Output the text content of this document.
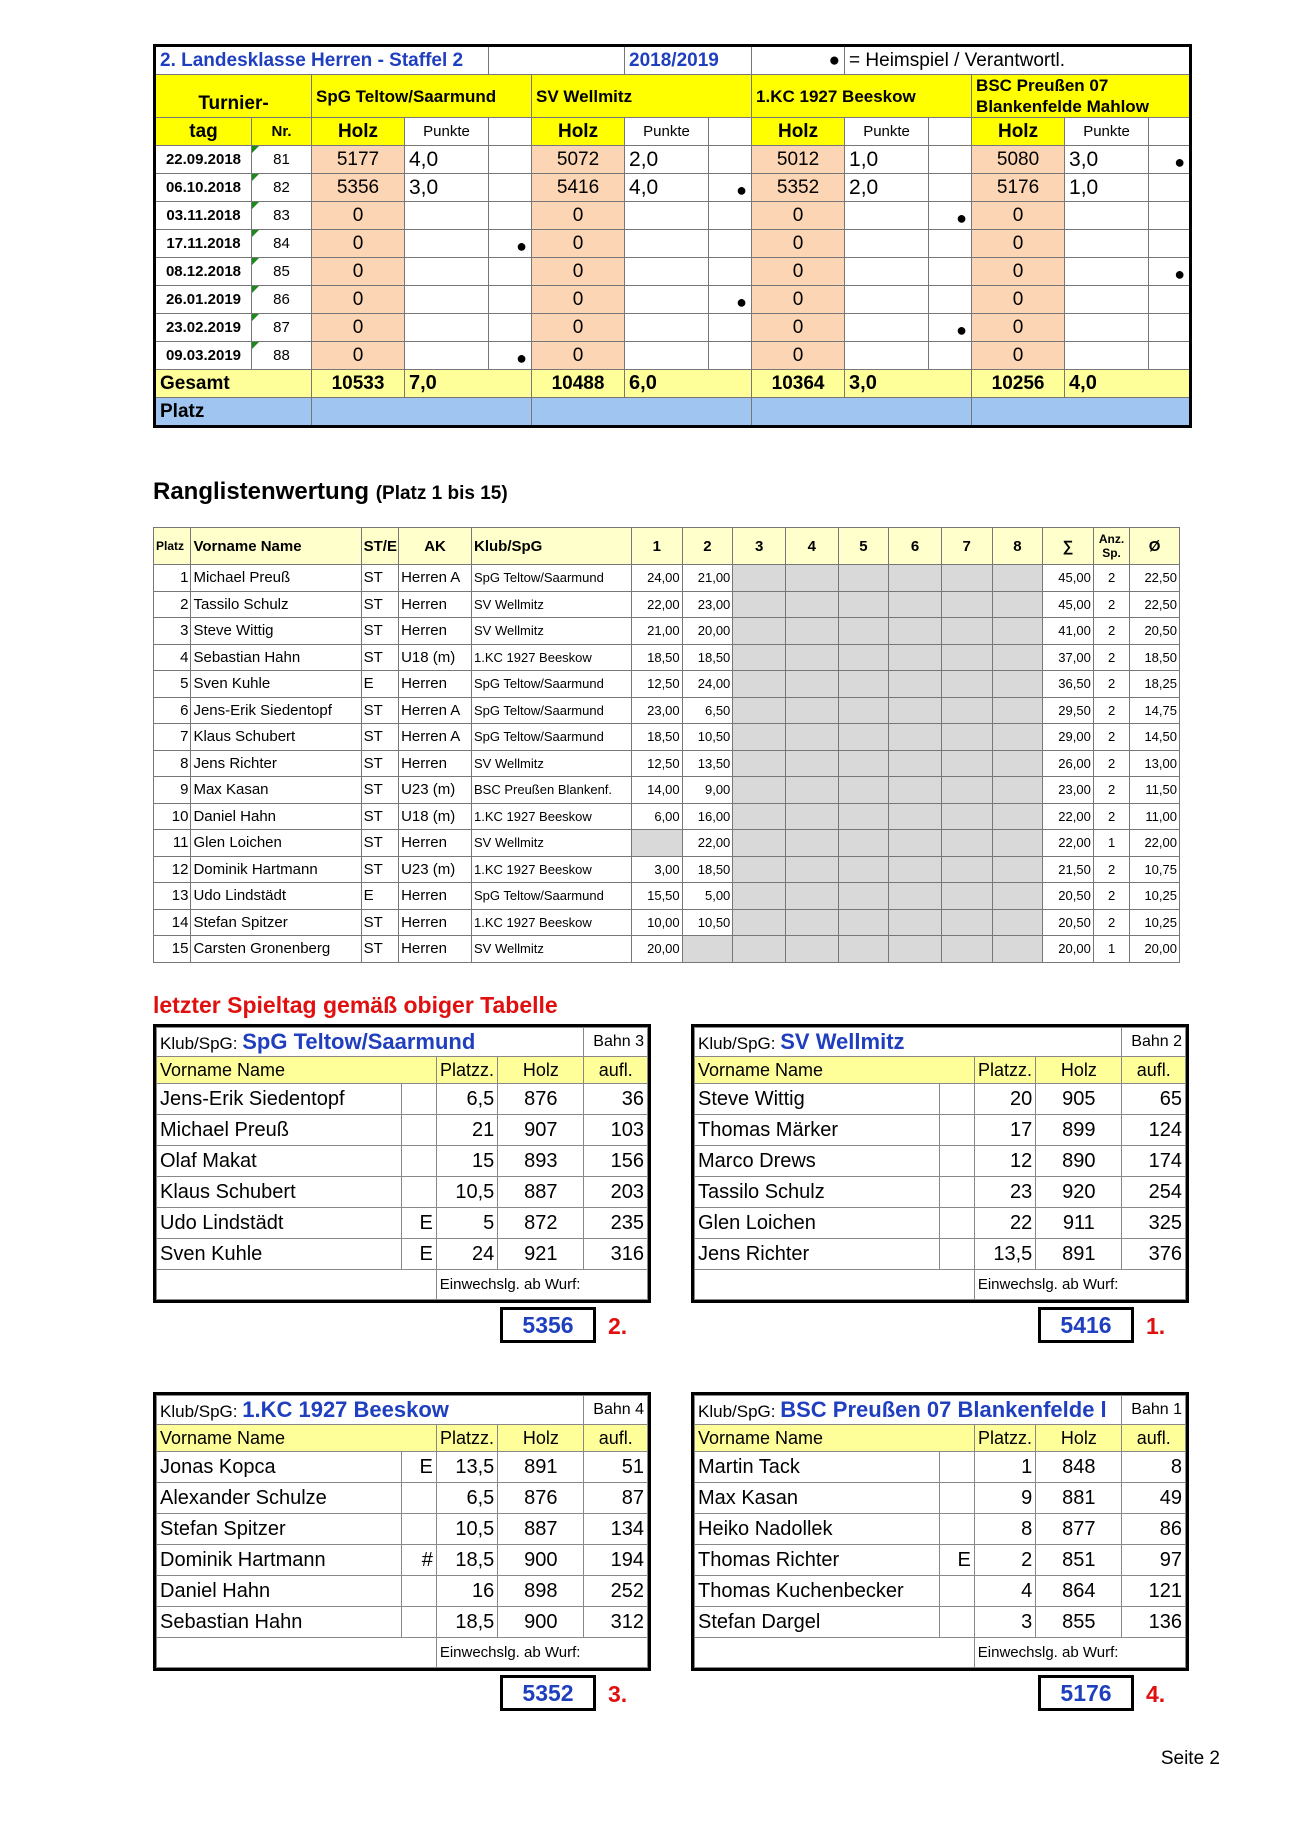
2. Landesklasse Herren - Staffel 2						2018/2019		●	= Heimspiel / Verantwortl.				
Turnier-		SpG Teltow/Saarmund			SV Wellmitz			1.KC 1927 Beeskow			BSC Preußen 07 Blankenfelde Mahlow		
tag	Nr.	Holz	Punkte		Holz	Punkte		Holz	Punkte		Holz	Punkte	
22.09.2018	81	5177	4,0		5072	2,0		5012	1,0		5080	3,0	●
06.10.2018	82	5356	3,0		5416	4,0	●	5352	2,0		5176	1,0	
03.11.2018	83	0			0			0		●	0		
17.11.2018	84	0		●	0			0			0		
08.12.2018	85	0			0			0			0		●
26.01.2019	86	0			0		●	0			0		
23.02.2019	87	0			0			0		●	0		
09.03.2019	88	0		●	0			0			0		
Gesamt		10533	7,0		10488	6,0		10364	3,0		10256	4,0	
Platz													
Ranglistenwertung (Platz 1 bis 15)
Platz	Vorname Name	ST/E	AK	Klub/SpG	1	2	3	4	5	6	7	8	∑	Anz.
Sp.	Ø
1	Michael Preuß	ST	Herren A	SpG Teltow/Saarmund	24,00	21,00							45,00	2	22,50
2	Tassilo Schulz	ST	Herren	SV Wellmitz	22,00	23,00							45,00	2	22,50
3	Steve Wittig	ST	Herren	SV Wellmitz	21,00	20,00							41,00	2	20,50
4	Sebastian Hahn	ST	U18 (m)	1.KC 1927 Beeskow	18,50	18,50							37,00	2	18,50
5	Sven Kuhle	E	Herren	SpG Teltow/Saarmund	12,50	24,00							36,50	2	18,25
6	Jens-Erik Siedentopf	ST	Herren A	SpG Teltow/Saarmund	23,00	6,50							29,50	2	14,75
7	Klaus Schubert	ST	Herren A	SpG Teltow/Saarmund	18,50	10,50							29,00	2	14,50
8	Jens Richter	ST	Herren	SV Wellmitz	12,50	13,50							26,00	2	13,00
9	Max Kasan	ST	U23 (m)	BSC Preußen Blankenf.	14,00	9,00							23,00	2	11,50
10	Daniel Hahn	ST	U18 (m)	1.KC 1927 Beeskow	6,00	16,00							22,00	2	11,00
11	Glen Loichen	ST	Herren	SV Wellmitz		22,00							22,00	1	22,00
12	Dominik Hartmann	ST	U23 (m)	1.KC 1927 Beeskow	3,00	18,50							21,50	2	10,75
13	Udo Lindstädt	E	Herren	SpG Teltow/Saarmund	15,50	5,00							20,50	2	10,25
14	Stefan Spitzer	ST	Herren	1.KC 1927 Beeskow	10,00	10,50							20,50	2	10,25
15	Carsten Gronenberg	ST	Herren	SV Wellmitz	20,00								20,00	1	20,00
letzter Spieltag gemäß obiger Tabelle
Klub/SpG: SpG Teltow/Saarmund				Bahn 3
Vorname Name		Platzz.	Holz	aufl.
Jens-Erik Siedentopf		6,5	876	36
Michael Preuß		21	907	103
Olaf Makat		15	893	156
Klaus Schubert		10,5	887	203
Udo Lindstädt	E	5	872	235
Sven Kuhle	E	24	921	316
		Einwechslg. ab Wurf:		
5356	2.
Klub/SpG: SV Wellmitz				Bahn 2
Vorname Name		Platzz.	Holz	aufl.
Steve Wittig		20	905	65
Thomas Märker		17	899	124
Marco Drews		12	890	174
Tassilo Schulz		23	920	254
Glen Loichen		22	911	325
Jens Richter		13,5	891	376
		Einwechslg. ab Wurf:		
5416	1.
Klub/SpG: 1.KC 1927 Beeskow				Bahn 4
Vorname Name		Platzz.	Holz	aufl.
Jonas Kopca	E	13,5	891	51
Alexander Schulze		6,5	876	87
Stefan Spitzer		10,5	887	134
Dominik Hartmann	#	18,5	900	194
Daniel Hahn		16	898	252
Sebastian Hahn		18,5	900	312
		Einwechslg. ab Wurf:		
5352	3.
Klub/SpG: BSC Preußen 07 Blankenfelde l				Bahn 1
Vorname Name		Platzz.	Holz	aufl.
Martin Tack		1	848	8
Max Kasan		9	881	49
Heiko Nadollek		8	877	86
Thomas Richter	E	2	851	97
Thomas Kuchenbecker		4	864	121
Stefan Dargel		3	855	136
		Einwechslg. ab Wurf:		
5176	4.
Seite 2
